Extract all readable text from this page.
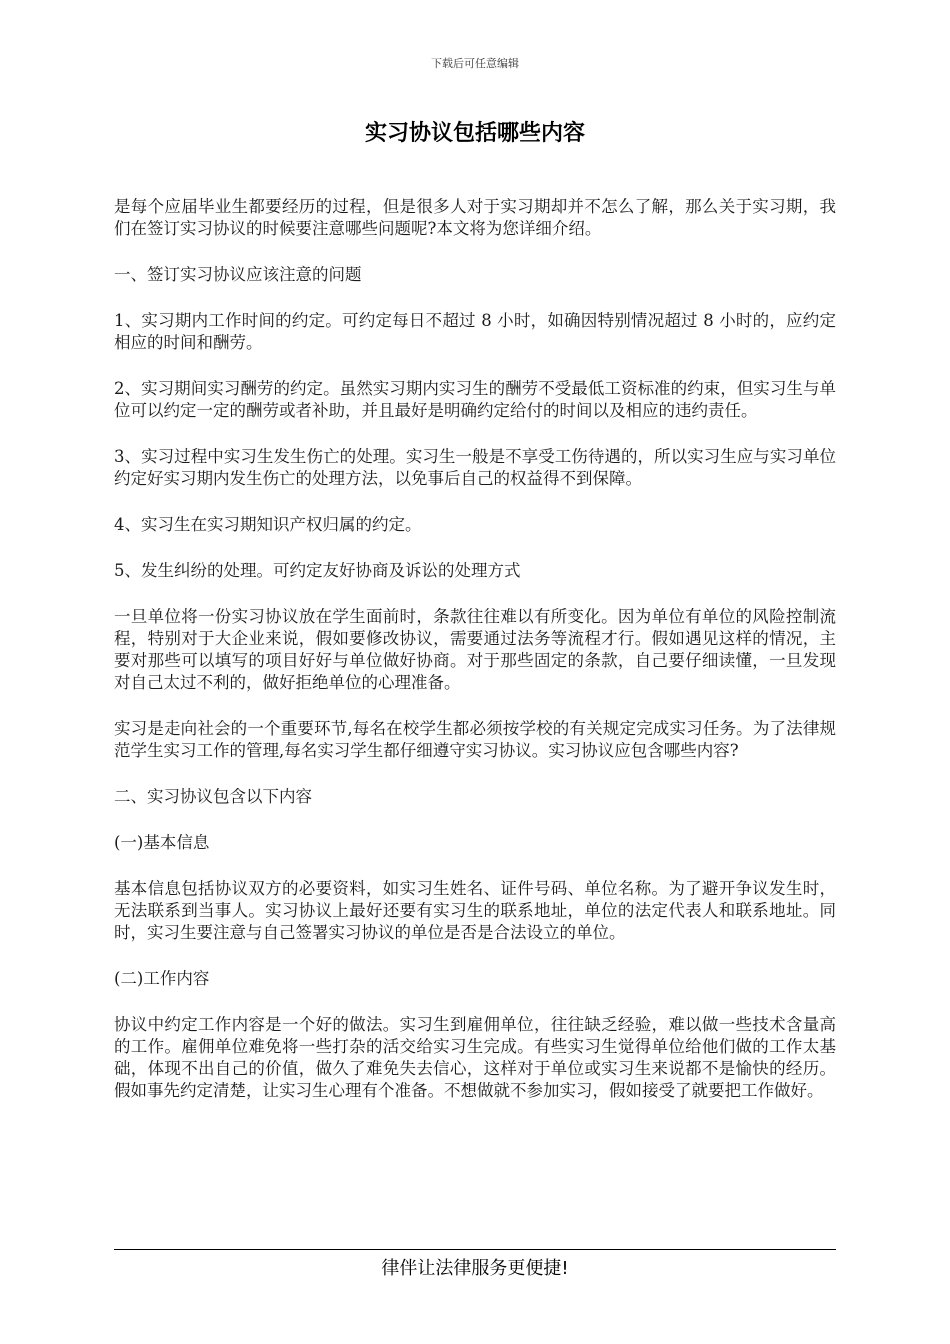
下载后可任意编辑
实习协议包括哪些内容

是每个应届毕业生都要经历的过程，但是很多人对于实习期却并不怎么了解，那么关于实习期，我们在签订实习协议的时候要注意哪些问题呢?本文将为您详细介绍。

一、签订实习协议应该注意的问题

1、实习期内工作时间的约定。可约定每日不超过 8 小时，如确因特别情况超过 8 小时的，应约定相应的时间和酬劳。

2、实习期间实习酬劳的约定。虽然实习期内实习生的酬劳不受最低工资标准的约束，但实习生与单位可以约定一定的酬劳或者补助，并且最好是明确约定给付的时间以及相应的违约责任。

3、实习过程中实习生发生伤亡的处理。实习生一般是不享受工伤待遇的，所以实习生应与实习单位约定好实习期内发生伤亡的处理方法，以免事后自己的权益得不到保障。

4、实习生在实习期知识产权归属的约定。

5、发生纠纷的处理。可约定友好协商及诉讼的处理方式

一旦单位将一份实习协议放在学生面前时，条款往往难以有所变化。因为单位有单位的风险控制流程，特别对于大企业来说，假如要修改协议，需要通过法务等流程才行。假如遇见这样的情况，主要对那些可以填写的项目好好与单位做好协商。对于那些固定的条款，自己要仔细读懂，一旦发现对自己太过不利的，做好拒绝单位的心理准备。

实习是走向社会的一个重要环节,每名在校学生都必须按学校的有关规定完成实习任务。为了法律规范学生实习工作的管理,每名实习学生都仔细遵守实习协议。实习协议应包含哪些内容?

二、实习协议包含以下内容

(一)基本信息

基本信息包括协议双方的必要资料，如实习生姓名、证件号码、单位名称。为了避开争议发生时，无法联系到当事人。实习协议上最好还要有实习生的联系地址，单位的法定代表人和联系地址。同时，实习生要注意与自己签署实习协议的单位是否是合法设立的单位。

(二)工作内容

协议中约定工作内容是一个好的做法。实习生到雇佣单位，往往缺乏经验，难以做一些技术含量高的工作。雇佣单位难免将一些打杂的活交给实习生完成。有些实习生觉得单位给他们做的工作太基础，体现不出自己的价值，做久了难免失去信心，这样对于单位或实习生来说都不是愉快的经历。假如事先约定清楚，让实习生心理有个准备。不想做就不参加实习，假如接受了就要把工作做好。

律伴让法律服务更便捷!
